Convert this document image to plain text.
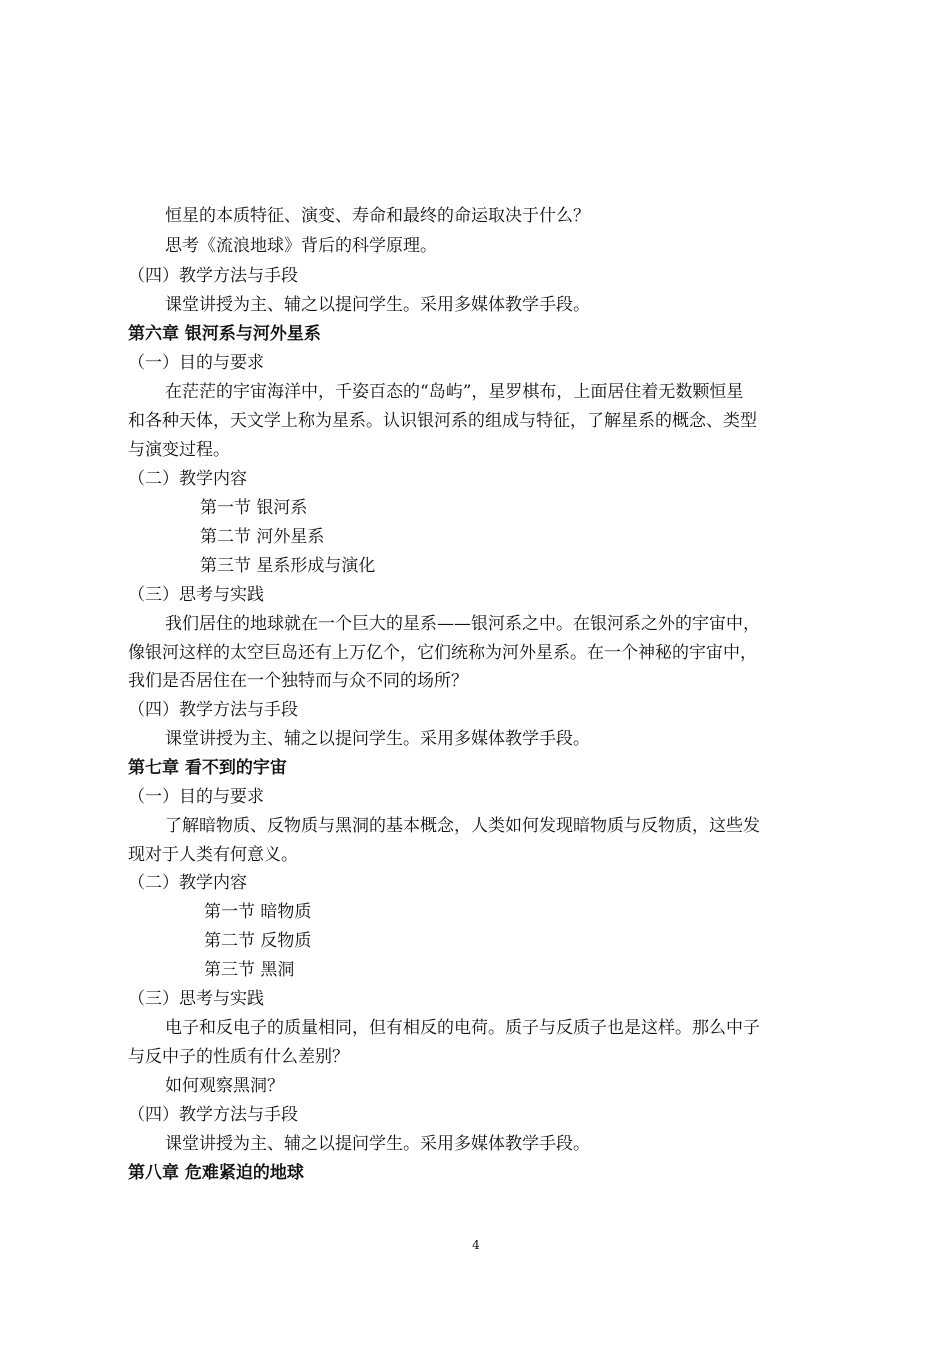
恒星的本质特征、演变、寿命和最终的命运取决于什么？
思考《流浪地球》背后的科学原理。
（四）教学方法与手段
课堂讲授为主、辅之以提问学生。采用多媒体教学手段。
第六章 银河系与河外星系
（一）目的与要求
在茫茫的宇宙海洋中，千姿百态的“岛屿”，星罗棋布，上面居住着无数颗恒星
和各种天体，天文学上称为星系。认识银河系的组成与特征，了解星系的概念、类型
与演变过程。
（二）教学内容
第一节 银河系
第二节 河外星系
第三节 星系形成与演化
（三）思考与实践
我们居住的地球就在一个巨大的星系——银河系之中。在银河系之外的宇宙中，
像银河这样的太空巨岛还有上万亿个，它们统称为河外星系。在一个神秘的宇宙中，
我们是否居住在一个独特而与众不同的场所？
（四）教学方法与手段
课堂讲授为主、辅之以提问学生。采用多媒体教学手段。
第七章 看不到的宇宙
（一）目的与要求
了解暗物质、反物质与黑洞的基本概念，人类如何发现暗物质与反物质，这些发
现对于人类有何意义。
（二）教学内容
第一节 暗物质
第二节 反物质
第三节 黑洞
（三）思考与实践
电子和反电子的质量相同，但有相反的电荷。质子与反质子也是这样。那么中子
与反中子的性质有什么差别？
如何观察黑洞？
（四）教学方法与手段
课堂讲授为主、辅之以提问学生。采用多媒体教学手段。
第八章 危难紧迫的地球
4
